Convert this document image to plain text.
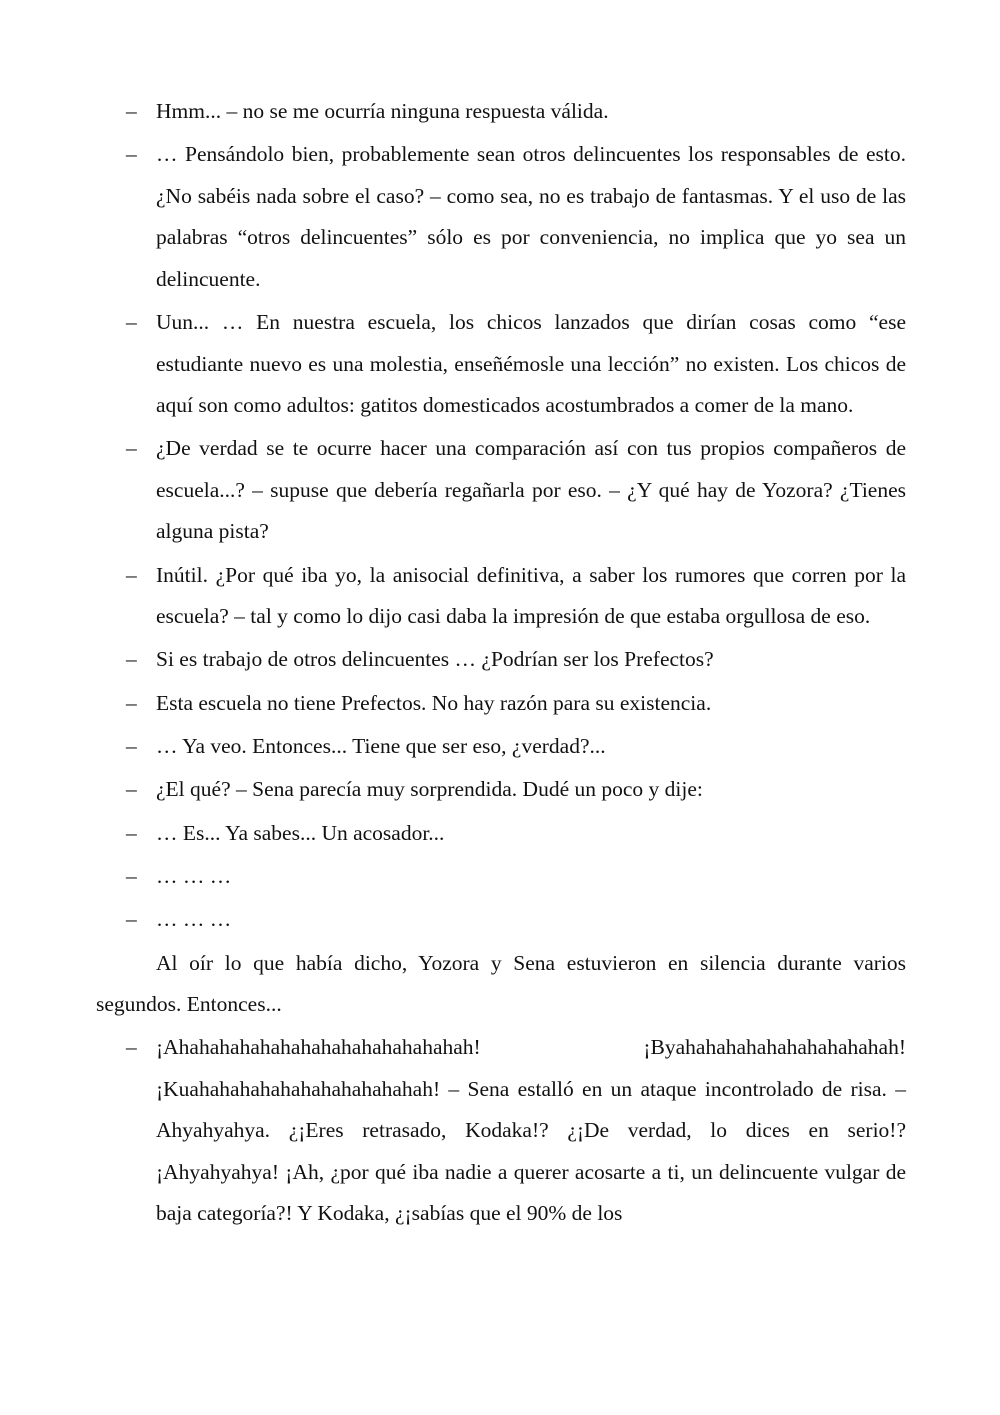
– Hmm... – no se me ocurría ninguna respuesta válida.

– … Pensándolo bien, probablemente sean otros delincuentes los responsables de esto. ¿No sabéis nada sobre el caso? – como sea, no es trabajo de fantasmas. Y el uso de las palabras “otros delincuentes” sólo es por conveniencia, no implica que yo sea un delincuente.

– Uun... … En nuestra escuela, los chicos lanzados que dirían cosas como “ese estudiante nuevo es una molestia, enseñémosle una lección” no existen. Los chicos de aquí son como adultos: gatitos domesticados acostumbrados a comer de la mano.

– ¿De verdad se te ocurre hacer una comparación así con tus propios compañeros de escuela...? – supuse que debería regañarla por eso. – ¿Y qué hay de Yozora? ¿Tienes alguna pista?

– Inútil. ¿Por qué iba yo, la anisocial definitiva, a saber los rumores que corren por la escuela? – tal y como lo dijo casi daba la impresión de que estaba orgullosa de eso.

– Si es trabajo de otros delincuentes … ¿Podrían ser los Prefectos?

– Esta escuela no tiene Prefectos. No hay razón para su existencia.

– … Ya veo. Entonces... Tiene que ser eso, ¿verdad?...

– ¿El qué? – Sena parecía muy sorprendida. Dudé un poco y dije:

– … Es... Ya sabes... Un acosador...

– … … …

– … … …

Al oír lo que había dicho, Yozora y Sena estuvieron en silencia durante varios segundos. Entonces...

– ¡Ahahahahahahahahahahahahahahah! ¡Byahahahahahahahahahahah! ¡Kuahahahahahahahahahahahah! – Sena estalló en un ataque incontrolado de risa. – Ahyahyahya. ¿¡Eres retrasado, Kodaka!? ¿¡De verdad, lo dices en serio!? ¡Ahyahyahya! ¡Ah, ¿por qué iba nadie a querer acosarte a ti, un delincuente vulgar de baja categoría?! Y Kodaka, ¿¡sabías que el 90% de los
